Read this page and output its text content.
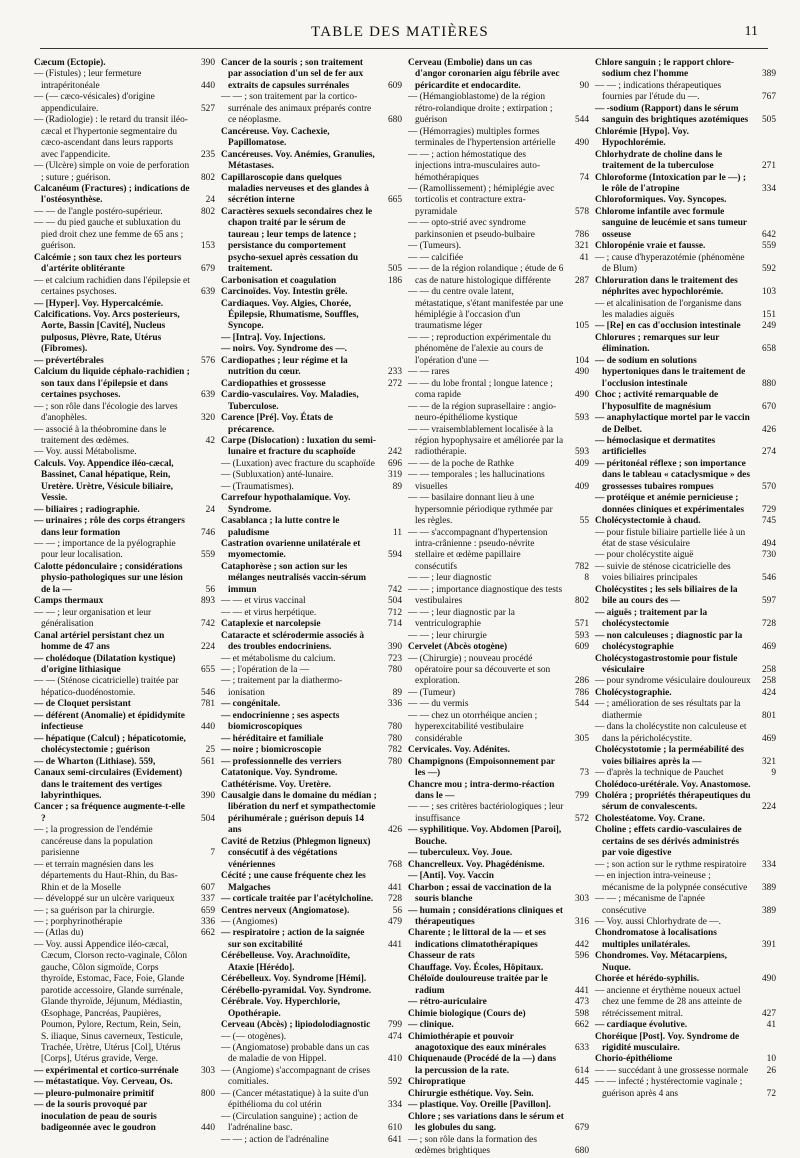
TABLE DES MATIÈRES	11
Cæcum (Ectopie).	390
— (Fistules) ; leur fermeture intrapéritonéale	440
— (— cæco-vésicales) d'origine appendiculaire.	527
— (Radiologie) : le retard du transit iléo-cæcal et l'hypertonie segmentaire du cæco-ascendant dans leurs rapports avec l'appendicite.	235
— (Ulcère) simple on voie de perforation ; suture ; guérison.	802
Calcanéum (Fractures) ; indications de l'ostéosynthèse.	24
— — de l'angle postéro-supérieur.	802
— — du pied gauche et subluxation du pied droit chez une femme de 65 ans ; guérison.	153
Calcémie ; son taux chez les porteurs d'artérite oblitérante	679
— et calcium rachidien dans l'épilepsie et certaines psychoses.	639
— [Hyper]. Voy. Hypercalcémie.
Calcifications. Voy. Arcs posterieurs, Aorte, Bassin [Cavité], Nucleus pulposus, Plèvre, Rate, Utérus (Fibromes).
— prévertébrales	576
Calcium du liquide céphalo-rachidien ; son taux dans l'épilepsie et dans certaines psychoses.	639
— ; son rôle dans l'écologie des larves d'anophèles.	320
— associé à la théobromine dans le traitement des œdèmes.	42
— Voy. aussi Métabolisme.
Calculs. Voy. Appendice iléo-cæcal, Bassinet, Canal hépatique, Rein, Uretère. Urètre, Vésicule biliaire, Vessie.
— biliaires ; radiographie.	24
— urinaires ; rôle des corps étrangers dans leur formation	746
— — ; importance de la pyélographie pour leur localisation.	559
Calotte pédonculaire ; considérations physio-pathologiques sur une lésion de la —	56
Camps thermaux	893
— — ; leur organisation et leur généralisation	742
Canal artériel persistant chez un homme de 47 ans	224
— cholédoque (Dilatation kystique) d'origine lithiasique	655
— — (Sténose cicatricielle) traitée par hépatico-duodénostomie.	546
— de Cloquet persistant	781
— déférent (Anomalie) et épididymite infectieuse	440
— hépatique (Calcul) ; hépaticotomie, cholécystectomie ; guérison	25
— de Wharton (Lithiase). 559,	561
Canaux semi-circulaires (Evidement) dans le traitement des vertiges labyrinthiques.	390
Cancer ; sa fréquence augmente-t-elle ?	504
— ; la progression de l'endémie cancéreuse dans la population parisienne	7
— et terrain magnésien dans les départements du Haut-Rhin, du Bas-Rhin et de la Moselle	607
— développé sur un ulcère variqueux	337
— ; sa guérison par la chirurgie.	659
— ; porphyrinothérapie	336
— (Atlas du)	662
— Voy. aussi Appendice iléo-cæcal, Cæcum, Clorson recto-vaginale, Côlon gauche, Côlon sigmoïde, Corps thyroïde, Estomac, Face, Foie, Glande parotide accessoire, Glande surrénale, Glande thyroïde, Jéjunum, Médiastin, Œsophage, Pancréas, Paupières, Poumon, Pylore, Rectum, Rein, Sein, S. iliaque, Sinus caverneux, Testicule, Trachée, Urètre, Utérus [Col], Utérus [Corps], Utérus gravide, Verge.
— expérimental et cortico-surrénale	303
— métastatique. Voy. Cerveau, Os.
— pleuro-pulmonaire primitif	800
— de la souris provoqué par inoculation de peau de souris badigeonnée avec le goudron	440
Cancer de la souris ; son traitement par association d'un sel de fer aux extraits de capsules surrénales	609
— — ; son traitement par la cortico-surrénale des animaux préparés contre ce néoplasme.	680
Cancéreuse. Voy. Cachexie, Papillomatose.
Cancéreuses. Voy. Anémies, Granulies, Métastases.
Capillaroscopie dans quelques maladies nerveuses et des glandes à sécrétion interne	665
Caractères sexuels secondaires chez le chapon traité par le sérum de taureau ; leur temps de latence ; persistance du comportement psycho-sexuel après cessation du traitement.	505
Carbonisation et coagulation	186
Carcinoïdes. Voy. Intestin grêle.
Cardiaques. Voy. Algies, Chorée, Épilepsie, Rhumatisme, Souffles, Syncope.
— [Intra]. Voy. Injections.
— noirs. Voy. Syndrome des —.
Cardiopathes ; leur régime et la nutrition du cœur.	233
Cardiopathies et grossesse	272
Cardio-vasculaires. Voy. Maladies, Tuberculose.
Carence [Pré]. Voy. États de précarence.
Carpe (Dislocation) : luxation du semi-lunaire et fracture du scaphoïde	242
— (Luxation) avec fracture du scaphoïde	696
— (Subluxation) anté-lunaire.	319
— (Traumatismes).	89
Carrefour hypothalamique. Voy. Syndrome.
Casablanca ; la lutte contre le paludisme	11
Castration ovarienne unilatérale et myomectomie.	594
Cataphorèse ; son action sur les mélanges neutralisés vaccin-sérum immun	742
— — et virus vaccinal	504
— — et virus herpétique.	712
Cataplexie et narcolepsie	714
Cataracte et sclérodermie associés à des troubles endocriniens.	390
— et métabolisme du calcium.	723
— ; l'opération de la —	780
— ; traitement par la diathermo-ionisation	89
— congénitale.	336
— endocrinienne ; ses aspects biomicroscopiques	780
— héréditaire et familiale	780
— noire ; biomicroscopie	782
— professionnelle des verriers	780
Catatonique. Voy. Syndrome.
Cathétérisme. Voy. Uretère.
Causalgie dans le domaine du médian ; libération du nerf et sympathectomie périhumérale ; guérison depuis 14 ans	426
Cavité de Retzius (Phlegmon ligneux) consécutif à des végétations vénériennes	768
Cécité ; une cause fréquente chez les Malgaches	441
— corticale traitée par l'acétylcholine.	728
Centres nerveux (Angiomatose).	56
— (Angiomes)	479
— respiratoire ; action de la saignée sur son excitabilité	441
Cérébelleuse. Voy. Arachnoïdite, Ataxie [Hérédo].
Cérébelleux. Voy. Syndrome [Hémi].
Cérébello-pyramidal. Voy. Syndrome.
Cérébrale. Voy. Hyperchlorie, Opothérapie.
Cerveau (Abcès) ; lipiodolodiagnostic	799
— (— otogènes).	474
— (Angiomatose) probable dans un cas de maladie de von Hippel.	410
— (Angiome) s'accompagnant de crises comitiales.	592
— (Cancer métastatique) à la suite d'un épithélioma du col utérin	334
— (Circulation sanguine) ; action de l'adrénaline basc.	610
— — ; action de l'adrénaline	641
Cerveau (Embolie) dans un cas d'angor coronarien aigu fébrile avec péricardite et endocardite.	90
— (Hémangioblastome) de la région rétro-rolandique droite ; extirpation ; guérison	544
— (Hémorragies) multiples formes terminales de l'hypertension artérielle	490
— — ; action hémostatique des injections intra-musculaires auto-hémothérapiques	74
— (Ramollissement) ; hémiplégie avec torticolis et contracture extra-pyramidale	578
— — opto-strié avec syndrome parkinsonien et pseudo-bulbaire	786
— (Tumeurs).	321
— — calcifiée	41
— — de la région rolandique ; étude de 6 cas de nature histologique différente	287
— — du centre ovale latent, métastatique, s'étant manifestée par une hémiplégie à l'occasion d'un traumatisme léger	105
— — ; reproduction expérimentale du phénomène de l'alexie au cours de l'opération d'une —	104
— — rares	490
— — du lobe frontal ; longue latence ; coma rapide	490
— — de la région suprasellaire : angio-neuro-épithéliome kystique	593
— — vraisemblablement localisée à la région hypophysaire et améliorée par la radiothérapie.	593
— — de la poche de Rathke	409
— — temporales ; les hallucinations visuelles	409
— — basilaire donnant lieu à une hypersomnie périodique rythmée par les règles.	55
— — s'accompagnant d'hypertension intra-crânienne : pseudo-névrite stellaire et œdème papillaire consécutifs	782
— — ; leur diagnostic	8
— — ; importance diagnostique des tests vestibulaires	802
— — ; leur diagnostic par la ventriculographie	571
— — ; leur chirurgie	593
Cervelet (Abcès otogène)	609
— (Chirurgie) ; nouveau procédé opératoire pour sa découverte et son exploration.	286
— (Tumeur)	786
— — du vermis	544
— — chez un otorrhéique ancien ; hyperexcitabilité vestibulaire considérable	305
Cervicales. Voy. Adénites.
Champignons (Empoisonnement par les —)	73
Chancre mou ; intra-dermo-réaction dans le —	799
— — ; ses critères bactériologiques ; leur insuffisance	572
— syphilitique. Voy. Abdomen [Paroi], Bouche.
— tuberculeux. Voy. Joue.
Chancrelleux. Voy. Phagédénisme.
— [Anti]. Voy. Vaccin
Charbon ; essai de vaccination de la souris blanche	303
— humain ; considérations cliniques et thérapeutiques	316
Charente ; le littoral de la — et ses indications climatothérapiques	442
Chasseur de rats	596
Chauffage. Voy. Écoles, Hôpitaux.
Chéloïde douloureuse traitée par le radium	441
— rétro-auriculaire	473
Chimie biologique (Cours de)	598
— clinique.	662
Chimiothérapie et pouvoir anagotoxique des eaux minérales	633
Chiquenaude (Procédé de la —) dans la percussion de la rate.	614
Chiropratique	445
Chirurgie esthétique. Voy. Sein.
— plastique. Voy. Oreille [Pavillon].
Chlore ; ses variations dans le sérum et les globules du sang.	679
— ; son rôle dans la formation des œdèmes brightiques	680
Chlore sanguin ; le rapport chlore-sodium chez l'homme	389
— — ; indications thérapeutiques fournies par l'étude du —.	767
— -sodium (Rapport) dans le sérum sanguin des brightiques azotémiques	505
Chlorémie [Hypo]. Voy. Hypochlorémie.
Chlorhydrate de choline dans le traitement de la tuberculose	271
Chloroforme (Intoxication par le —) ; le rôle de l'atropine	334
Chloroformiques. Voy. Syncopes.
Chlorome infantile avec formule sanguine de leucémie et sans tumeur osseuse	642
Chloropénie vraie et fausse.	559
— ; cause d'hyperazotémie (phénomène de Blum)	592
Chloruration dans le traitement des néphrites avec hypochlorémie.	103
— et alcalinisation de l'organisme dans les maladies aiguës	151
— [Re] en cas d'occlusion intestinale	249
Chlorures ; remarques sur leur élimination.	658
— de sodium en solutions hypertoniques dans le traitement de l'occlusion intestinale	880
Choc ; activité remarquable de l'hyposulfite de magnésium	670
— anaphylactique mortel par le vaccin de Delbet.	426
— hémoclasique et dermatites artificielles	274
— péritonéal réflexe ; son importance dans le tableau « cataclysmique » des grossesses tubaires rompues	570
— protéique et anémie pernicieuse ; données cliniques et expérimentales	729
Cholécystectomie à chaud.	745
— pour fistule biliaire partielle liée à un état de stase vésiculaire	494
— pour cholécystite aiguë	730
— suivie de sténose cicatricielle des voies biliaires principales	546
Cholécystites ; les sels biliaires de la bile au cours des —	597
— aiguës ; traitement par la cholécystectomie	728
— non calculeuses ; diagnostic par la cholécystographie	469
Cholécystogastrostomie pour fistule vésiculaire	258
— pour syndrome vésiculaire douloureux	258
Cholécystographie.	424
— ; amélioration de ses résultats par la diathermie	801
— dans la cholécystite non calculeuse et dans la péricholécystite.	469
Cholécystotomie ; la perméabilité des voies biliaires après la —	321
— d'après la technique de Pauchet	9
Cholédoco-urétérale. Voy. Anastomose.
Choléra ; propriétés thérapeutiques du sérum de convalescents.	224
Cholestéatome. Voy. Crane.
Choline ; effets cardio-vasculaires de certains de ses dérivés administrés par voie digestive
— ; son action sur le rythme respiratoire	334
— en injection intra-veineuse ; mécanisme de la polypnée consécutive	389
— — ; mécanisme de l'apnée consécutive	389
— Voy. aussi Chlorhydrate de —.
Chondromatose à localisations multiples unilatérales.	391
Chondromes. Voy. Métacarpiens, Nuque.
Chorée et hérédo-syphilis.	490
— ancienne et érythème noueux actuel chez une femme de 28 ans atteinte de rétrécissement mitral.	427
— cardiaque évolutive.	41
Choréique [Post]. Voy. Syndrome de rigidité musculaire.
Chorio-épithéliome	10
— — succédant à une grossesse normale	26
— — infecté ; hystérectomie vaginale ; guérison après 4 ans	72
